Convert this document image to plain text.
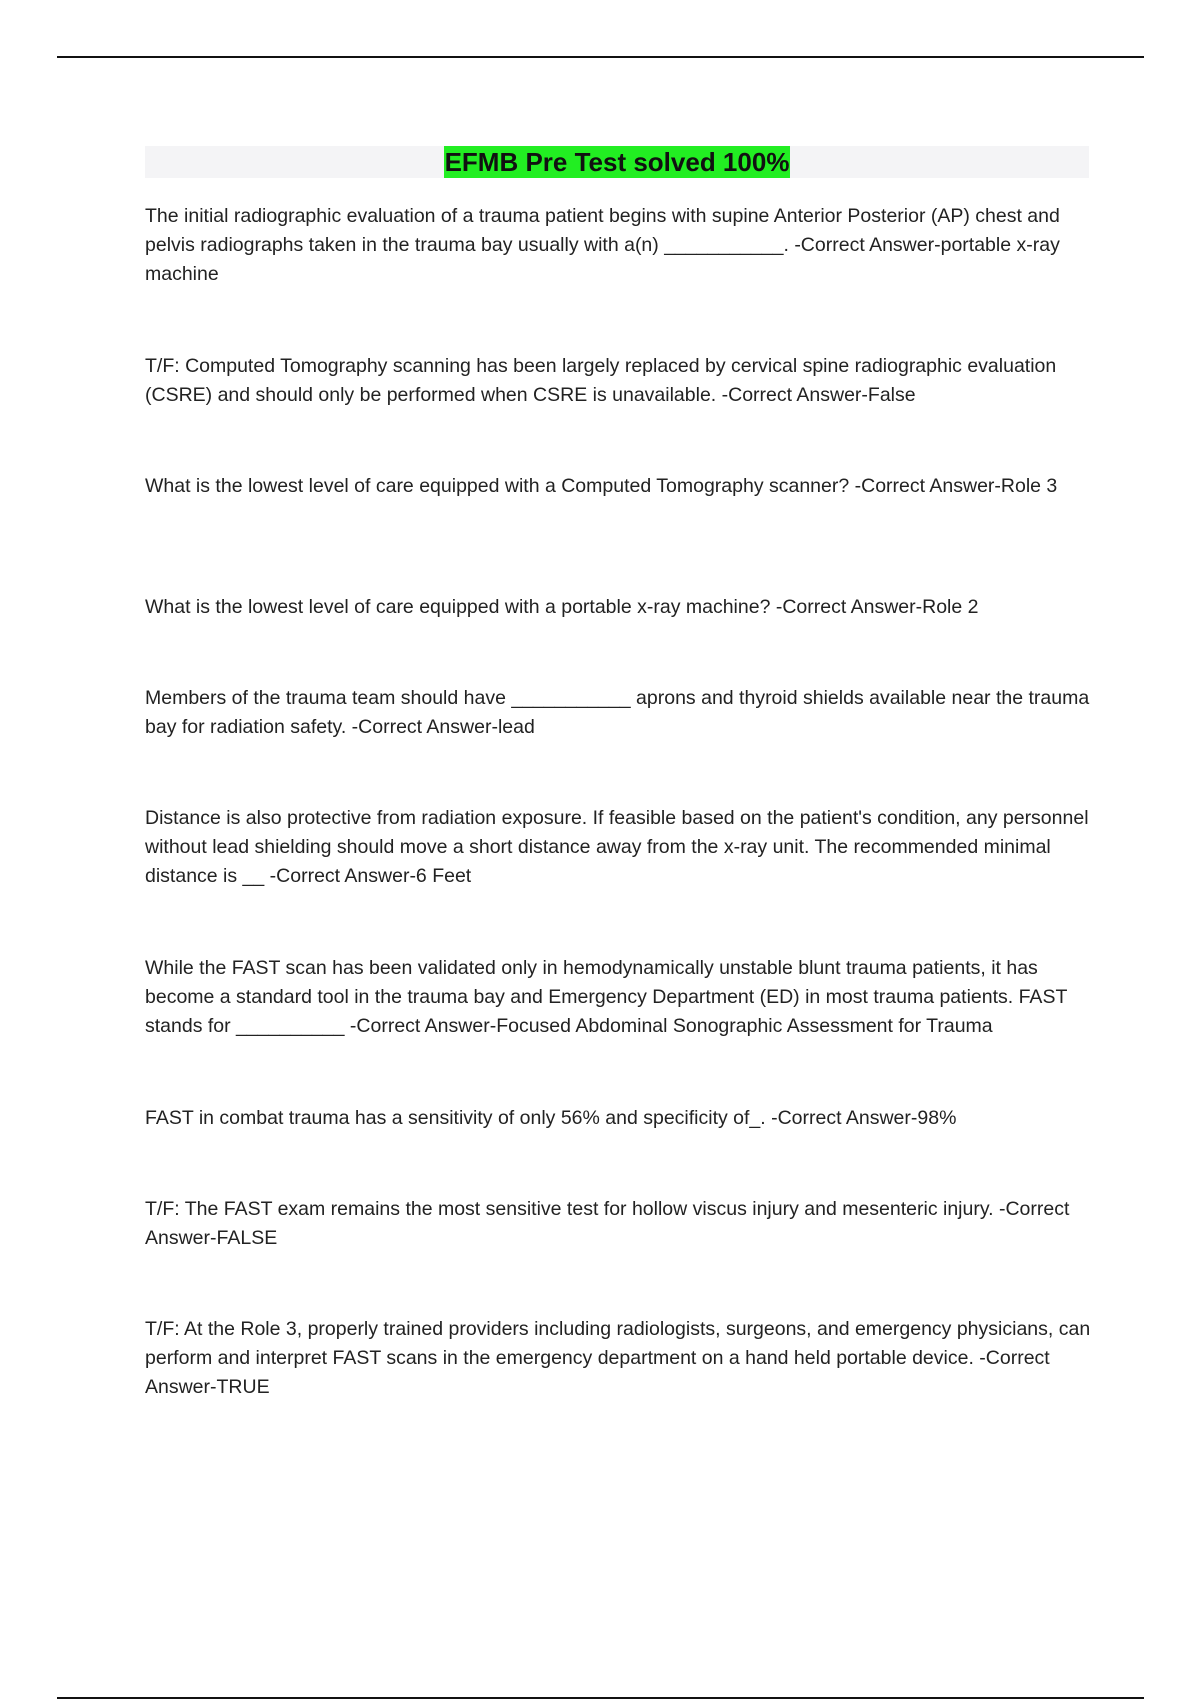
EFMB Pre Test solved 100%

The initial radiographic evaluation of a trauma patient begins with supine Anterior Posterior (AP) chest and pelvis radiographs taken in the trauma bay usually with a(n) ___________. -Correct Answer-portable x-ray machine

T/F: Computed Tomography scanning has been largely replaced by cervical spine radiographic evaluation (CSRE) and should only be performed when CSRE is unavailable. -Correct Answer-False

What is the lowest level of care equipped with a Computed Tomography scanner? -Correct Answer-Role 3

What is the lowest level of care equipped with a portable x-ray machine? -Correct Answer-Role 2

Members of the trauma team should have ___________ aprons and thyroid shields available near the trauma bay for radiation safety. -Correct Answer-lead

Distance is also protective from radiation exposure. If feasible based on the patient's condition, any personnel without lead shielding should move a short distance away from the x-ray unit. The recommended minimal distance is __ -Correct Answer-6 Feet

While the FAST scan has been validated only in hemodynamically unstable blunt trauma patients, it has become a standard tool in the trauma bay and Emergency Department (ED) in most trauma patients. FAST stands for __________ -Correct Answer-Focused Abdominal Sonographic Assessment for Trauma

FAST in combat trauma has a sensitivity of only 56% and specificity of_. -Correct Answer-98%

T/F: The FAST exam remains the most sensitive test for hollow viscus injury and mesenteric injury. -Correct Answer-FALSE

T/F: At the Role 3, properly trained providers including radiologists, surgeons, and emergency physicians, can perform and interpret FAST scans in the emergency department on a hand held portable device. -Correct Answer-TRUE
